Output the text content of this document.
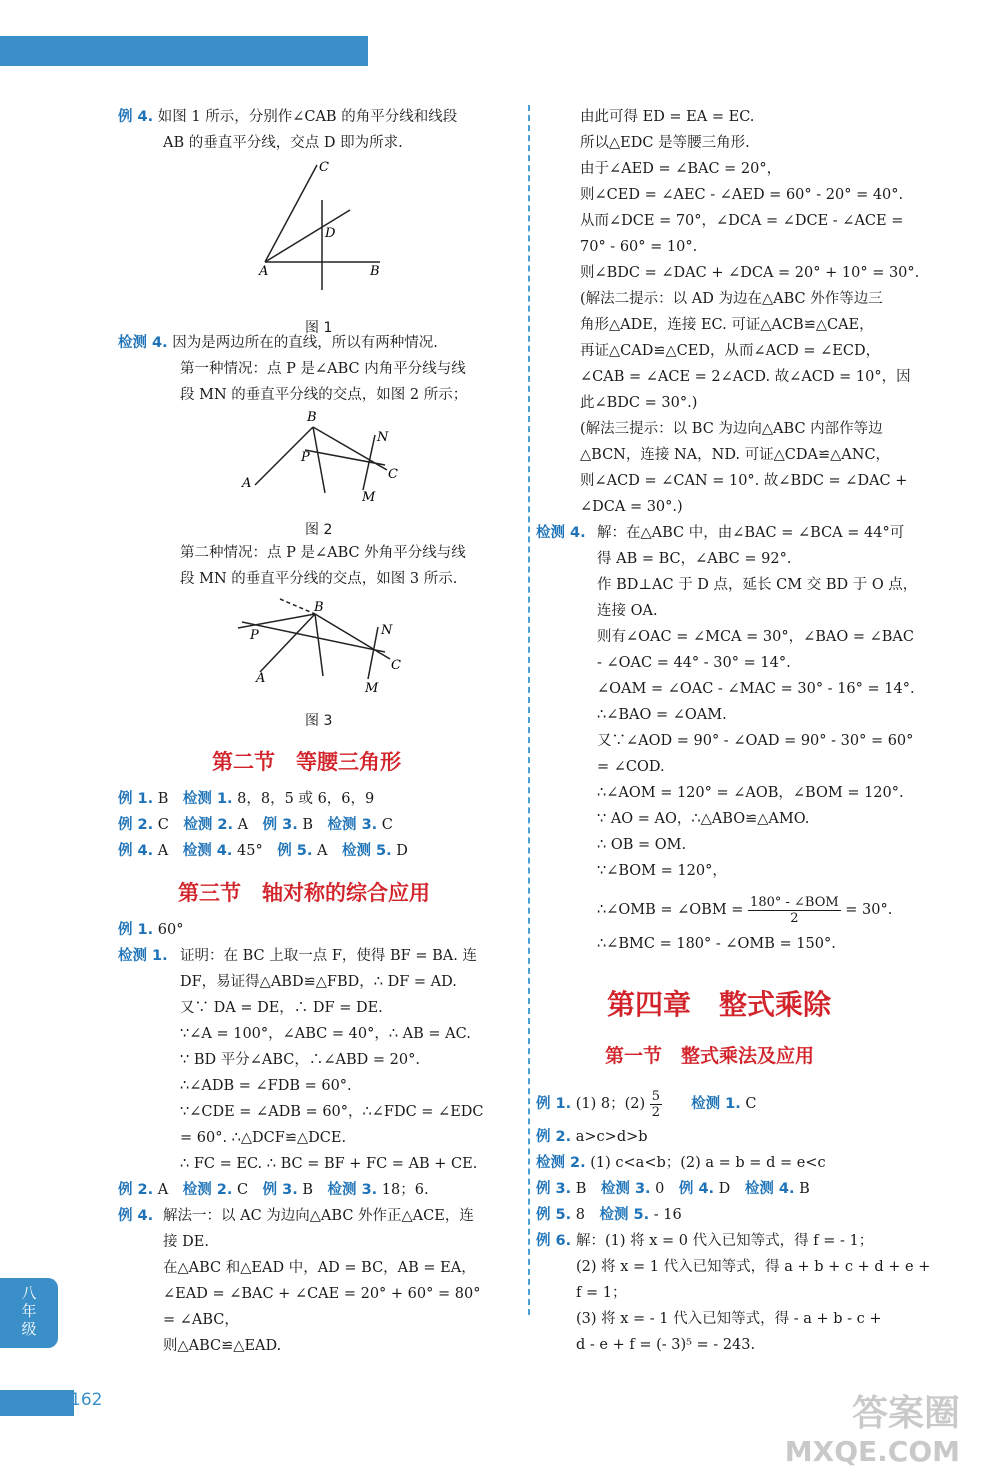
学而思秘籍·初中数学培优课堂
例 4. 如图 1 所示，分别作∠CAB 的角平分线和线段
AB 的垂直平分线，交点 D 即为所求.
C
D
A	B
图 1
检测 4. 因为是两边所在的直线，所以有两种情况.
第一种情况：点 P 是∠ABC 内角平分线与线
段 MN 的垂直平分线的交点，如图 2 所示；
B
N
P
C
A
M
图 2
第二种情况：点 P 是∠ABC 外角平分线与线
段 MN 的垂直平分线的交点，如图 3 所示.
B
N
P
C
A
M
图 3
第二节　等腰三角形
例 1. B　检测 1. 8，8，5 或 6，6，9
例 2. C　检测 2. A　例 3. B　检测 3. C
例 4. A　检测 4. 45°　例 5. A　检测 5. D
第三节　轴对称的综合应用
例 1. 60°
检测 1. 证明：在 BC 上取一点 F，使得 BF = BA. 连
DF，易证得△ABD≌△FBD，∴ DF = AD.
又∵ DA = DE，∴ DF = DE.
∵∠A = 100°，∠ABC = 40°，∴ AB = AC.
∵ BD 平分∠ABC，∴∠ABD = 20°.
∴∠ADB = ∠FDB = 60°.
∵∠CDE = ∠ADB = 60°，∴∠FDC = ∠EDC
= 60°. ∴△DCF≌△DCE.
∴ FC = EC. ∴ BC = BF + FC = AB + CE.
例 2. A　检测 2. C　例 3. B　检测 3. 18；6.
例 4. 解法一：以 AC 为边向△ABC 外作正△ACE，连
接 DE.
在△ABC 和△EAD 中，AD = BC，AB = EA，
∠EAD = ∠BAC + ∠CAE = 20° + 60° = 80°
= ∠ABC，
则△ABC≌△EAD.
由此可得 ED = EA = EC.
所以△EDC 是等腰三角形.
由于∠AED = ∠BAC = 20°，
则∠CED = ∠AEC - ∠AED = 60° - 20° = 40°.
从而∠DCE = 70°，∠DCA = ∠DCE - ∠ACE =
70° - 60° = 10°.
则∠BDC = ∠DAC + ∠DCA = 20° + 10° = 30°.
(解法二提示：以 AD 为边在△ABC 外作等边三
角形△ADE，连接 EC. 可证△ACB≌△CAE，
再证△CAD≌△CED，从而∠ACD = ∠ECD，
∠CAB = ∠ACE = 2∠ACD. 故∠ACD = 10°，因
此∠BDC = 30°.)
(解法三提示：以 BC 为边向△ABC 内部作等边
△BCN，连接 NA，ND. 可证△CDA≌△ANC，
则∠ACD = ∠CAN = 10°. 故∠BDC = ∠DAC +
∠DCA = 30°.)
检测 4. 解：在△ABC 中，由∠BAC = ∠BCA = 44°可
得 AB = BC，∠ABC = 92°.
作 BD⊥AC 于 D 点，延长 CM 交 BD 于 O 点，
连接 OA.
则有∠OAC = ∠MCA = 30°，∠BAO = ∠BAC
- ∠OAC = 44° - 30° = 14°.
∠OAM = ∠OAC - ∠MAC = 30° - 16° = 14°.
∴∠BAO = ∠OAM.
又∵∠AOD = 90° - ∠OAD = 90° - 30° = 60°
= ∠COD.
∴∠AOM = 120° = ∠AOB，∠BOM = 120°.
∵ AO = AO，∴△ABO≌△AMO.
∴ OB = OM.
∵∠BOM = 120°，
∴∠OMB = ∠OBM = $\frac{\text{180° - ∠BOM}}{2} = 30^\circ$.
∴∠BMC = 180° - ∠OMB = 150°.
第四章　整式乘除
第一节　整式乘法及应用
例 1. (1) 8；$(2) \frac{5}{2}$
　　 检测 1. C
例 2. a>c>d>b
检测 2. (1) c<a<b；(2) a = b = d = e<c
例 3. B　检测 3. 0　例 4. D　检测 4. B
例 5. 8　检测 5. - 16
例 6. 解：(1) 将 x = 0 代入已知等式，得 f = - 1；
(2) 将 x = 1 代入已知等式，得 a + b + c + d + e +
f = 1；
(3) 将 x = - 1 代入已知等式，得 - a + b - c +
d - e + f = (- 3)⁵ = - 243.
八年级
162	答案圈
MXQE.COM
